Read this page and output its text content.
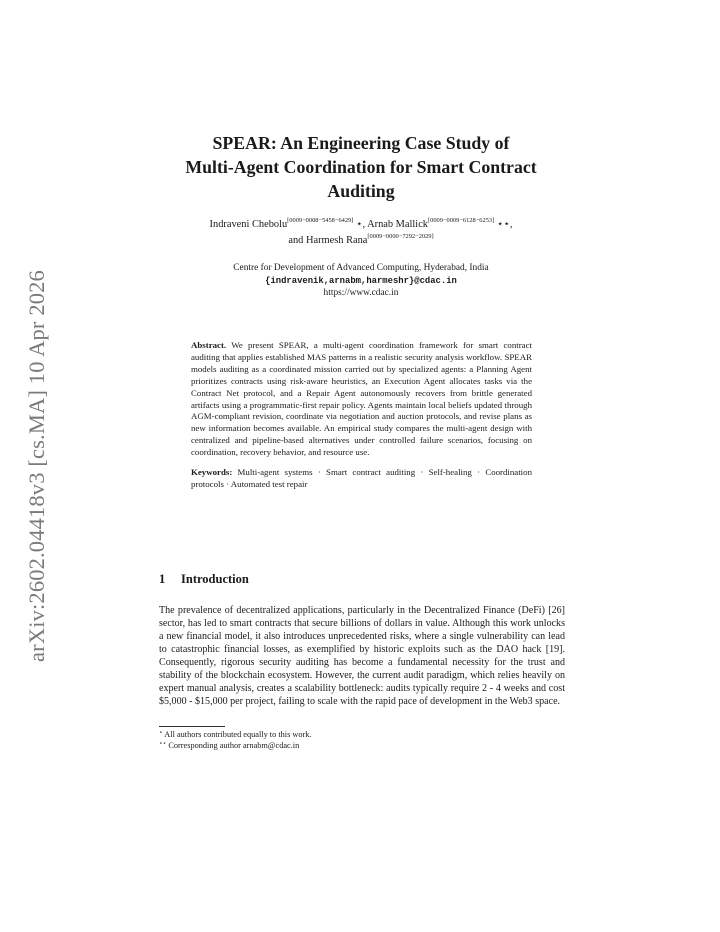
arXiv:2602.04418v3 [cs.MA] 10 Apr 2026
SPEAR: An Engineering Case Study of
Multi-Agent Coordination for Smart Contract
Auditing
Indraveni Chebolu[0009−0008−5458−6429] ⋆, Arnab Mallick[0009−0009−6128−6253] ⋆⋆,
and Harmesh Rana[0009−0000−7292−2029]
Centre for Development of Advanced Computing, Hyderabad, India
{indravenik,arnabm,harmeshr}@cdac.in
https://www.cdac.in

Abstract. We present SPEAR, a multi-agent coordination framework for smart contract auditing that applies established MAS patterns in a realistic security analysis workflow. SPEAR models auditing as a coordinated mission carried out by specialized agents: a Planning Agent prioritizes contracts using risk-aware heuristics, an Execution Agent allocates tasks via the Contract Net protocol, and a Repair Agent autonomously recovers from brittle generated artifacts using a programmatic-first repair policy. Agents maintain local beliefs updated through AGM-compliant revision, coordinate via negotiation and auction protocols, and revise plans as new information becomes available. An empirical study compares the multi-agent design with centralized and pipeline-based alternatives under controlled failure scenarios, focusing on coordination, recovery behavior, and resource use.

Keywords: Multi-agent systems · Smart contract auditing · Self-healing · Coordination protocols · Automated test repair

1 Introduction

The prevalence of decentralized applications, particularly in the Decentralized Finance (DeFi) [26] sector, has led to smart contracts that secure billions of dollars in value. Although this work unlocks a new financial model, it also introduces unprecedented risks, where a single vulnerability can lead to catastrophic financial losses, as exemplified by historic exploits such as the DAO hack [19]. Consequently, rigorous security auditing has become a fundamental necessity for the trust and stability of the blockchain ecosystem. However, the current audit paradigm, which relies heavily on expert manual analysis, creates a scalability bottleneck: audits typically require 2 - 4 weeks and cost $5,000 - $15,000 per project, failing to scale with the rapid pace of development in the Web3 space.

⋆ All authors contributed equally to this work.
⋆⋆ Corresponding author arnabm@cdac.in
